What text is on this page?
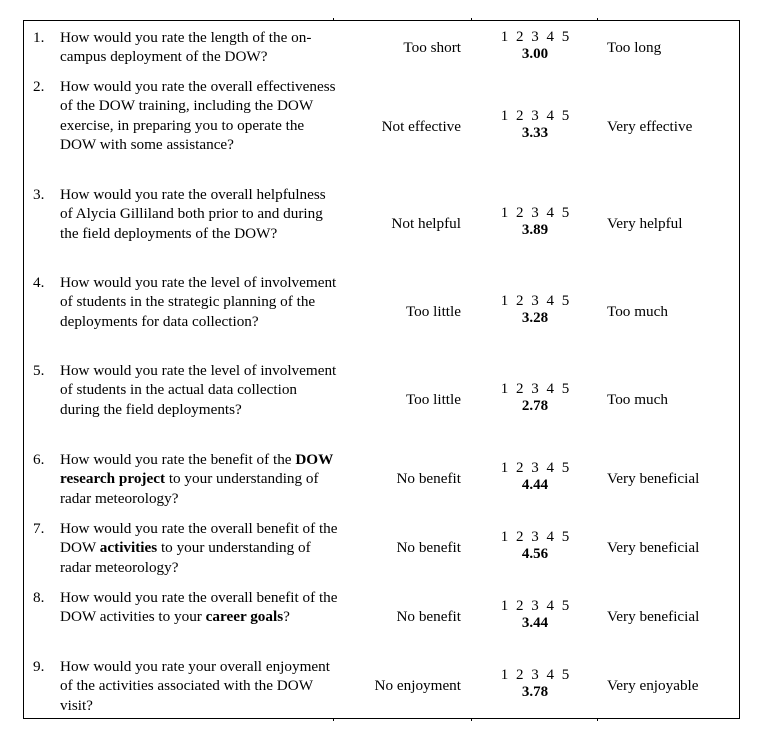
1. How would you rate the length of the on-campus deployment of the DOW?
Too short
1 2 3 4 5
3.00	Too long
2. How would you rate the overall effectiveness of the DOW training, including the DOW exercise, in preparing you to operate the DOW with some assistance?
Not effective
1 2 3 4 5
3.33	Very effective
3. How would you rate the overall helpfulness of Alycia Gilliland both prior to and during the field deployments of the DOW?
Not helpful
1 2 3 4 5
3.89	Very helpful
4. How would you rate the level of involvement of students in the strategic planning of the deployments for data collection?
Too little
1 2 3 4 5
3.28	Too much
5. How would you rate the level of involvement of students in the actual data collection during the field deployments?
Too little
1 2 3 4 5
2.78	Too much
6. How would you rate the benefit of the DOW research project to your understanding of radar meteorology?
No benefit
1 2 3 4 5
4.44	Very beneficial
7. How would you rate the overall benefit of the DOW activities to your understanding of radar meteorology?
No benefit
1 2 3 4 5
4.56	Very beneficial
8. How would you rate the overall benefit of the DOW activities to your career goals?	No benefit
1 2 3 4 5
3.44	Very beneficial
9. How would you rate your overall enjoyment of the activities associated with the DOW visit?
No enjoyment
1 2 3 4 5
3.78	Very enjoyable
